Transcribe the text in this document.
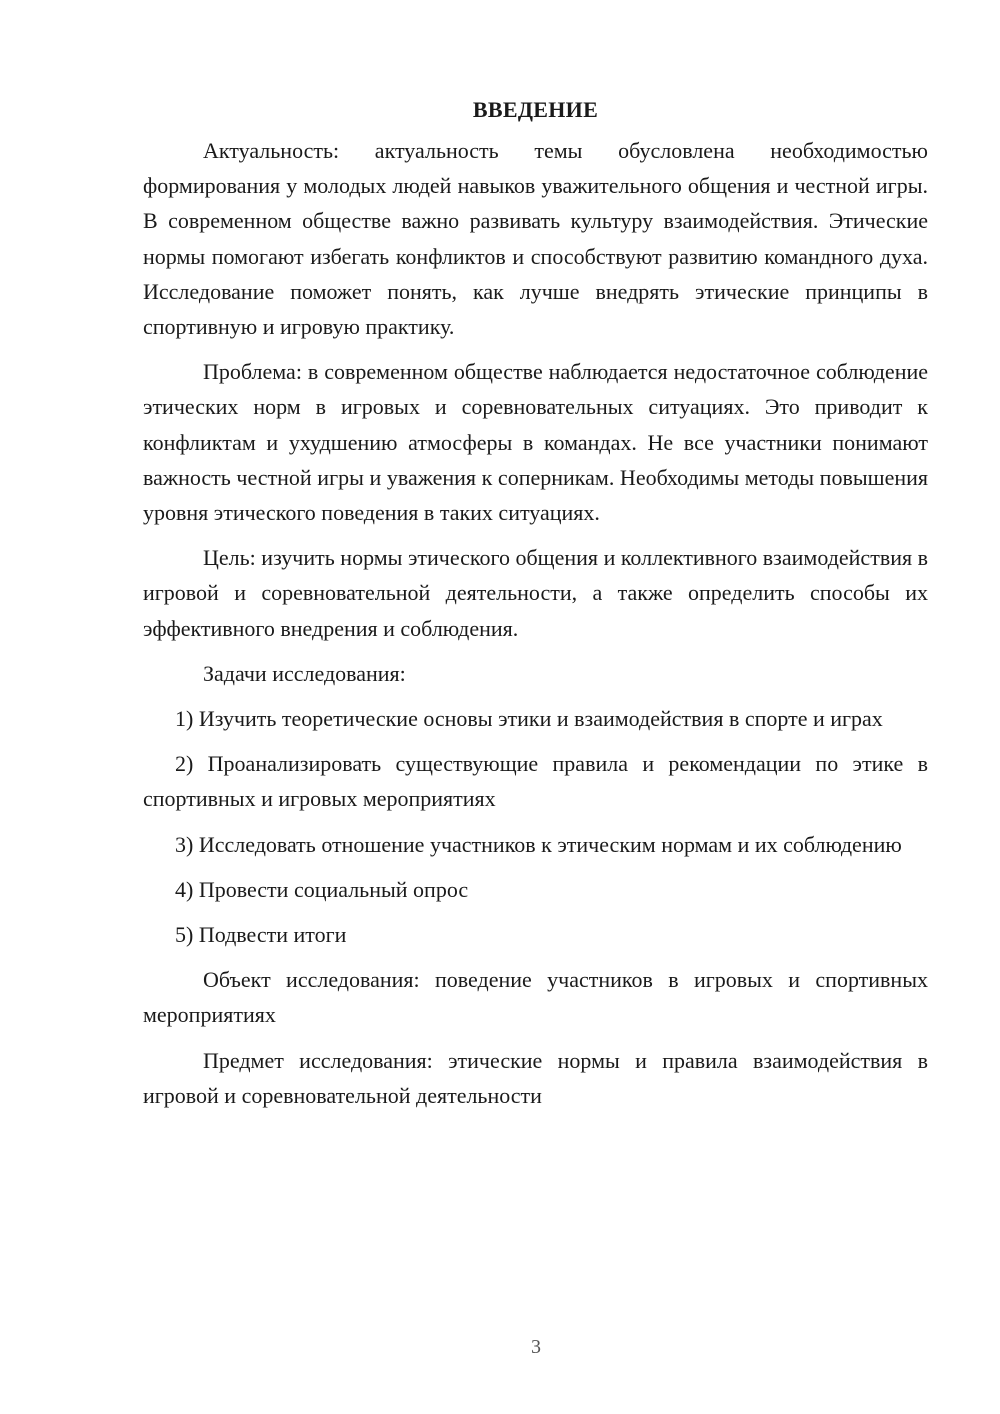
ВВЕДЕНИЕ

Актуальность: актуальность темы обусловлена необходимостью формирования у молодых людей навыков уважительного общения и честной игры. В современном обществе важно развивать культуру взаимодействия. Этические нормы помогают избегать конфликтов и способствуют развитию командного духа. Исследование поможет понять, как лучше внедрять этические принципы в спортивную и игровую практику.

Проблема: в современном обществе наблюдается недостаточное соблюдение этических норм в игровых и соревновательных ситуациях. Это приводит к конфликтам и ухудшению атмосферы в командах. Не все участники понимают важность честной игры и уважения к соперникам. Необходимы методы повышения уровня этического поведения в таких ситуациях.

Цель: изучить нормы этического общения и коллективного взаимодействия в игровой и соревновательной деятельности, а также определить способы их эффективного внедрения и соблюдения.

Задачи исследования:

1) Изучить теоретические основы этики и взаимодействия в спорте и играх

2) Проанализировать существующие правила и рекомендации по этике в спортивных и игровых мероприятиях

3) Исследовать отношение участников к этическим нормам и их соблюдению

4) Провести социальный опрос

5) Подвести итоги

Объект исследования: поведение участников в игровых и спортивных мероприятиях

Предмет исследования: этические нормы и правила взаимодействия в игровой и соревновательной деятельности

3
